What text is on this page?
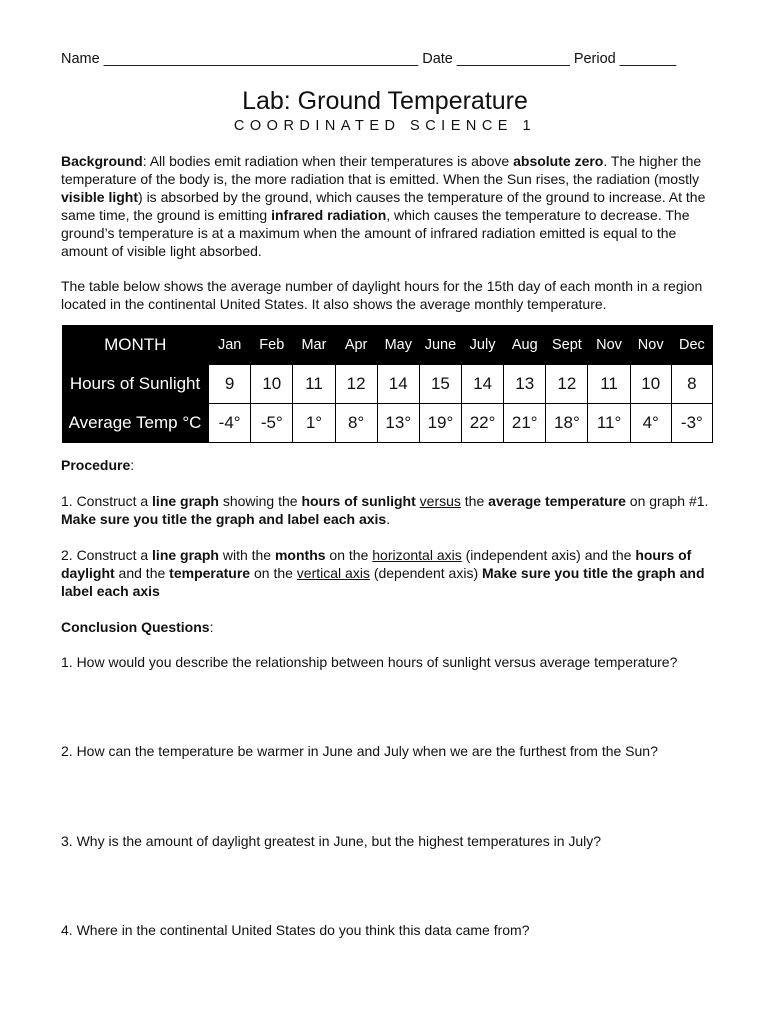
Name _______________________________________ Date ______________ Period _______
Lab: Ground Temperature
COORDINATED SCIENCE 1

Background: All bodies emit radiation when their temperatures is above absolute zero. The higher the temperature of the body is, the more radiation that is emitted. When the Sun rises, the radiation (mostly visible light) is absorbed by the ground, which causes the temperature of the ground to increase. At the same time, the ground is emitting infrared radiation, which causes the temperature to decrease. The ground’s temperature is at a maximum when the amount of infrared radiation emitted is equal to the amount of visible light absorbed.

The table below shows the average number of daylight hours for the 15th day of each month in a region located in the continental United States. It also shows the average monthly temperature.

MONTH	Jan	Feb	Mar	Apr	May	June	July	Aug	Sept	Nov	Nov	Dec
Hours of Sunlight	9	10	11	12	14	15	14	13	12	11	10	8
Average Temp °C	-4°	-5°	1°	8°	13°	19°	22°	21°	18°	11°	4°	-3°
Procedure:
1. Construct a line graph showing the hours of sunlight versus the average temperature on graph #1. Make sure you title the graph and label each axis.
2. Construct a line graph with the months on the horizontal axis (independent axis) and the hours of daylight and the temperature on the vertical axis (dependent axis) Make sure you title the graph and label each axis
Conclusion Questions:
1. How would you describe the relationship between hours of sunlight versus average temperature?
2. How can the temperature be warmer in June and July when we are the furthest from the Sun?
3. Why is the amount of daylight greatest in June, but the highest temperatures in July?
4. Where in the continental United States do you think this data came from?
